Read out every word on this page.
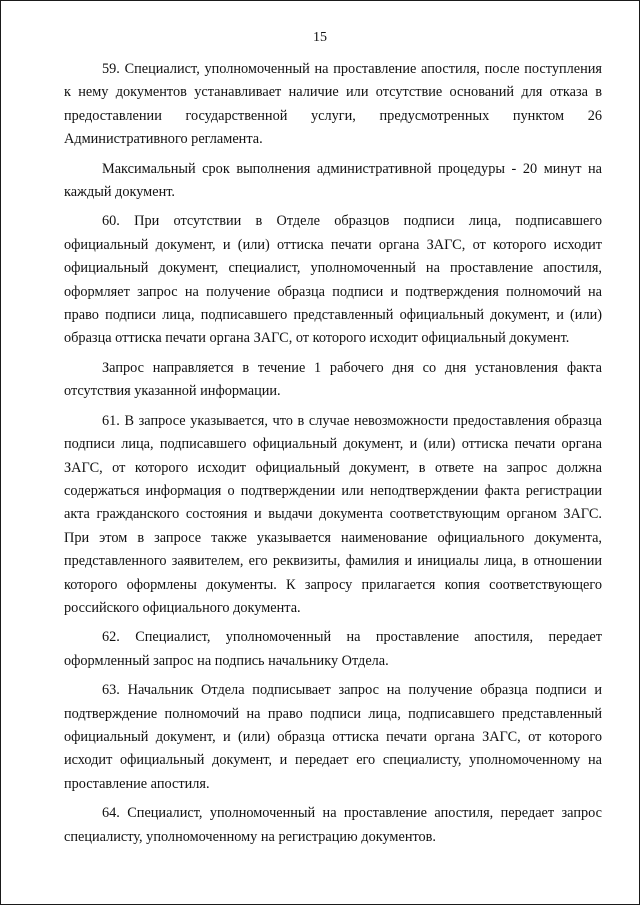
15

59. Специалист, уполномоченный на проставление апостиля, после поступления к нему документов устанавливает наличие или отсутствие оснований для отказа в предоставлении государственной услуги, предусмотренных пунктом 26 Административного регламента.

Максимальный срок выполнения административной процедуры - 20 минут на каждый документ.

60. При отсутствии в Отделе образцов подписи лица, подписавшего официальный документ, и (или) оттиска печати органа ЗАГС, от которого исходит официальный документ, специалист, уполномоченный на проставление апостиля, оформляет запрос на получение образца подписи и подтверждения полномочий на право подписи лица, подписавшего представленный официальный документ, и (или) образца оттиска печати органа ЗАГС, от которого исходит официальный документ.

Запрос направляется в течение 1 рабочего дня со дня установления факта отсутствия указанной информации.

61. В запросе указывается, что в случае невозможности предоставления образца подписи лица, подписавшего официальный документ, и (или) оттиска печати органа ЗАГС, от которого исходит официальный документ, в ответе на запрос должна содержаться информация о подтверждении или неподтверждении факта регистрации акта гражданского состояния и выдачи документа соответствующим органом ЗАГС. При этом в запросе также указывается наименование официального документа, представленного заявителем, его реквизиты, фамилия и инициалы лица, в отношении которого оформлены документы. К запросу прилагается копия соответствующего российского официального документа.

62. Специалист, уполномоченный на проставление апостиля, передает оформленный запрос на подпись начальнику Отдела.

63. Начальник Отдела подписывает запрос на получение образца подписи и подтверждение полномочий на право подписи лица, подписавшего представленный официальный документ, и (или) образца оттиска печати органа ЗАГС, от которого исходит официальный документ, и передает его специалисту, уполномоченному на проставление апостиля.

64. Специалист, уполномоченный на проставление апостиля, передает запрос специалисту, уполномоченному на регистрацию документов.
